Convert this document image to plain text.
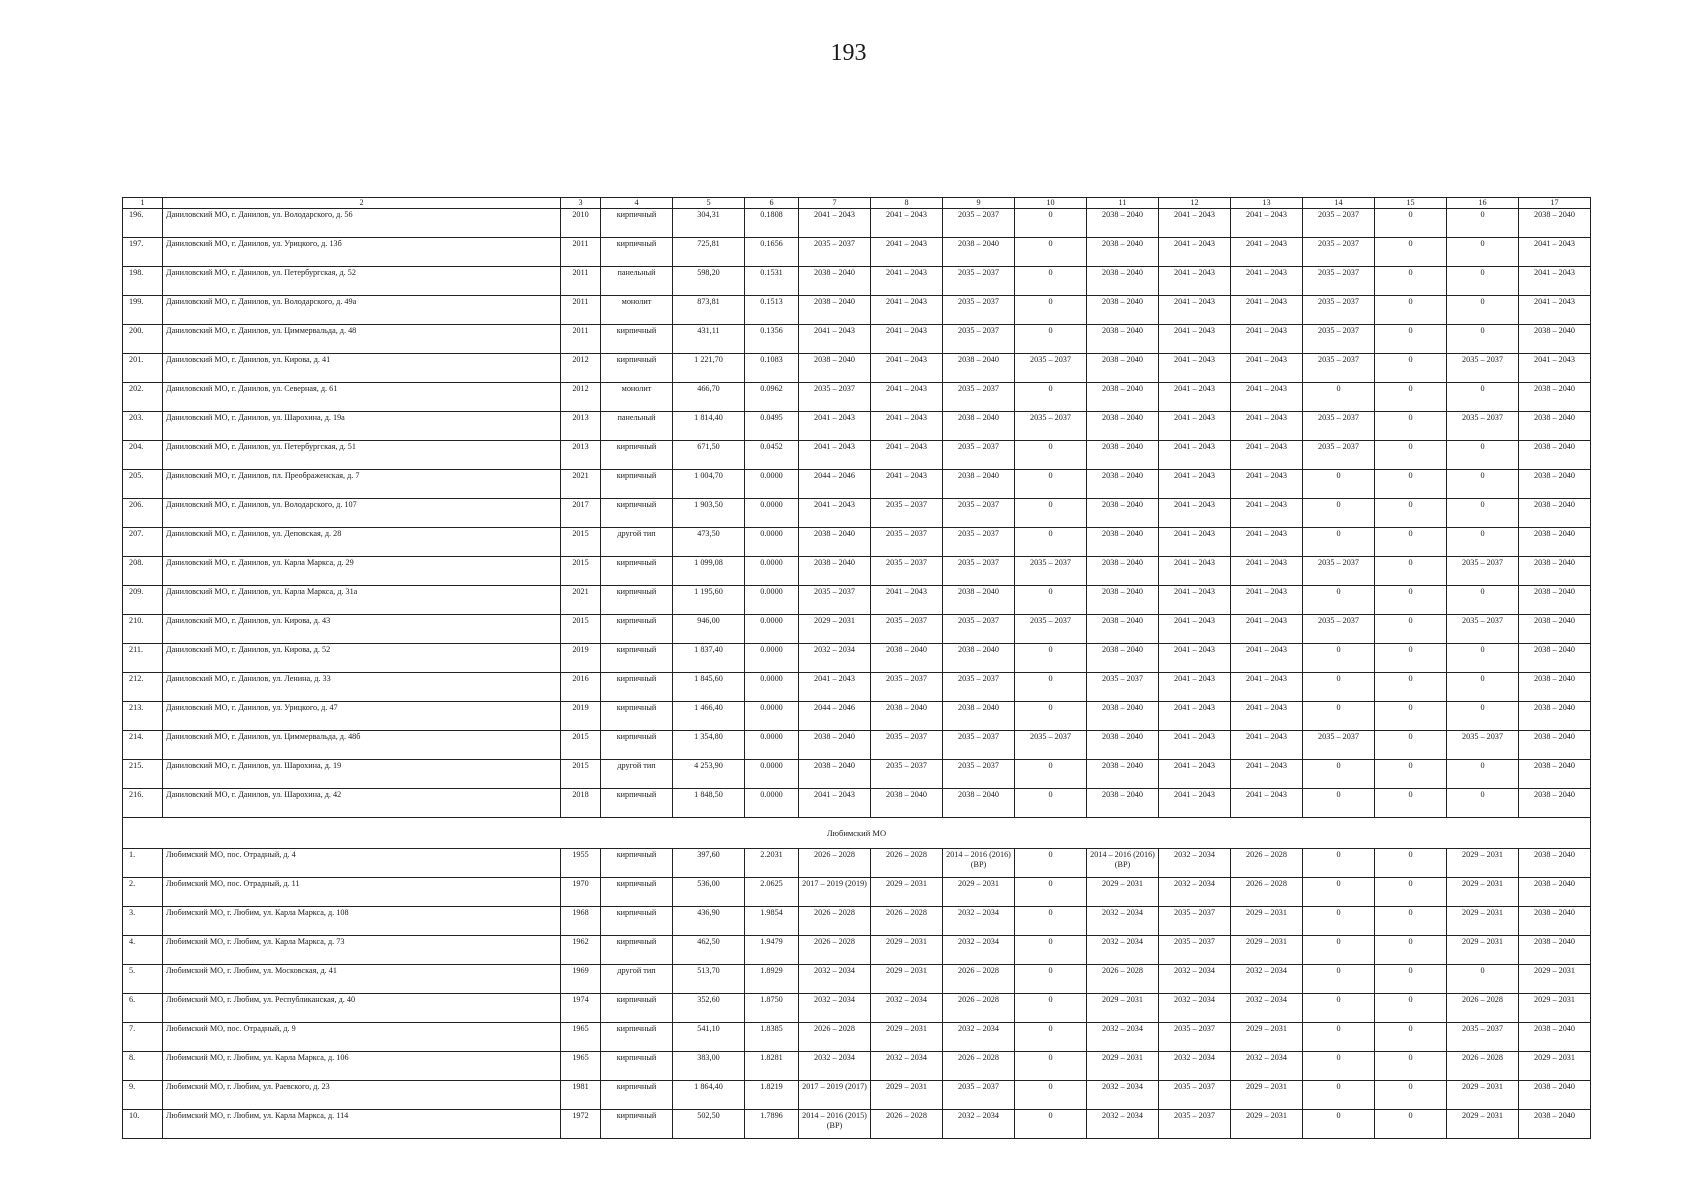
193
1	2	3	4	5	6	7	8	9	10	11	12	13	14	15	16	17
196.	Даниловский МО, г. Данилов, ул. Володарского, д. 56	2010	кирпичный	304,31	0.1808	2041 – 2043	2041 – 2043	2035 – 2037	0	2038 – 2040	2041 – 2043	2041 – 2043	2035 – 2037	0	0	2038 – 2040
197.	Даниловский МО, г. Данилов, ул. Урицкого, д. 13б	2011	кирпичный	725,81	0.1656	2035 – 2037	2041 – 2043	2038 – 2040	0	2038 – 2040	2041 – 2043	2041 – 2043	2035 – 2037	0	0	2041 – 2043
198.	Даниловский МО, г. Данилов, ул. Петербургская, д. 52	2011	панельный	598,20	0.1531	2038 – 2040	2041 – 2043	2035 – 2037	0	2038 – 2040	2041 – 2043	2041 – 2043	2035 – 2037	0	0	2041 – 2043
199.	Даниловский МО, г. Данилов, ул. Володарского, д. 49а	2011	монолит	873,81	0.1513	2038 – 2040	2041 – 2043	2035 – 2037	0	2038 – 2040	2041 – 2043	2041 – 2043	2035 – 2037	0	0	2041 – 2043
200.	Даниловский МО, г. Данилов, ул. Циммервальда, д. 48	2011	кирпичный	431,11	0.1356	2041 – 2043	2041 – 2043	2035 – 2037	0	2038 – 2040	2041 – 2043	2041 – 2043	2035 – 2037	0	0	2038 – 2040
201.	Даниловский МО, г. Данилов, ул. Кирова, д. 41	2012	кирпичный	1 221,70	0.1083	2038 – 2040	2041 – 2043	2038 – 2040	2035 – 2037	2038 – 2040	2041 – 2043	2041 – 2043	2035 – 2037	0	2035 – 2037	2041 – 2043
202.	Даниловский МО, г. Данилов, ул. Северная, д. 61	2012	монолит	466,70	0.0962	2035 – 2037	2041 – 2043	2035 – 2037	0	2038 – 2040	2041 – 2043	2041 – 2043	0	0	0	2038 – 2040
203.	Даниловский МО, г. Данилов, ул. Шарохина, д. 19а	2013	панельный	1 814,40	0.0495	2041 – 2043	2041 – 2043	2038 – 2040	2035 – 2037	2038 – 2040	2041 – 2043	2041 – 2043	2035 – 2037	0	2035 – 2037	2038 – 2040
204.	Даниловский МО, г. Данилов, ул. Петербургская, д. 51	2013	кирпичный	671,50	0.0452	2041 – 2043	2041 – 2043	2035 – 2037	0	2038 – 2040	2041 – 2043	2041 – 2043	2035 – 2037	0	0	2038 – 2040
205.	Даниловский МО, г. Данилов, пл. Преображенская, д. 7	2021	кирпичный	1 004,70	0.0000	2044 – 2046	2041 – 2043	2038 – 2040	0	2038 – 2040	2041 – 2043	2041 – 2043	0	0	0	2038 – 2040
206.	Даниловский МО, г. Данилов, ул. Володарского, д. 107	2017	кирпичный	1 903,50	0.0000	2041 – 2043	2035 – 2037	2035 – 2037	0	2038 – 2040	2041 – 2043	2041 – 2043	0	0	0	2038 – 2040
207.	Даниловский МО, г. Данилов, ул. Деповская, д. 28	2015	другой тип	473,50	0.0000	2038 – 2040	2035 – 2037	2035 – 2037	0	2038 – 2040	2041 – 2043	2041 – 2043	0	0	0	2038 – 2040
208.	Даниловский МО, г. Данилов, ул. Карла Маркса, д. 29	2015	кирпичный	1 099,08	0.0000	2038 – 2040	2035 – 2037	2035 – 2037	2035 – 2037	2038 – 2040	2041 – 2043	2041 – 2043	2035 – 2037	0	2035 – 2037	2038 – 2040
209.	Даниловский МО, г. Данилов, ул. Карла Маркса, д. 31а	2021	кирпичный	1 195,60	0.0000	2035 – 2037	2041 – 2043	2038 – 2040	0	2038 – 2040	2041 – 2043	2041 – 2043	0	0	0	2038 – 2040
210.	Даниловский МО, г. Данилов, ул. Кирова, д. 43	2015	кирпичный	946,00	0.0000	2029 – 2031	2035 – 2037	2035 – 2037	2035 – 2037	2038 – 2040	2041 – 2043	2041 – 2043	2035 – 2037	0	2035 – 2037	2038 – 2040
211.	Даниловский МО, г. Данилов, ул. Кирова, д. 52	2019	кирпичный	1 837,40	0.0000	2032 – 2034	2038 – 2040	2038 – 2040	0	2038 – 2040	2041 – 2043	2041 – 2043	0	0	0	2038 – 2040
212.	Даниловский МО, г. Данилов, ул. Ленина, д. 33	2016	кирпичный	1 845,60	0.0000	2041 – 2043	2035 – 2037	2035 – 2037	0	2035 – 2037	2041 – 2043	2041 – 2043	0	0	0	2038 – 2040
213.	Даниловский МО, г. Данилов, ул. Урицкого, д. 47	2019	кирпичный	1 466,40	0.0000	2044 – 2046	2038 – 2040	2038 – 2040	0	2038 – 2040	2041 – 2043	2041 – 2043	0	0	0	2038 – 2040
214.	Даниловский МО, г. Данилов, ул. Циммервальда, д. 48б	2015	кирпичный	1 354,80	0.0000	2038 – 2040	2035 – 2037	2035 – 2037	2035 – 2037	2038 – 2040	2041 – 2043	2041 – 2043	2035 – 2037	0	2035 – 2037	2038 – 2040
215.	Даниловский МО, г. Данилов, ул. Шарохина, д. 19	2015	другой тип	4 253,90	0.0000	2038 – 2040	2035 – 2037	2035 – 2037	0	2038 – 2040	2041 – 2043	2041 – 2043	0	0	0	2038 – 2040
216.	Даниловский МО, г. Данилов, ул. Шарохина, д. 42	2018	кирпичный	1 848,50	0.0000	2041 – 2043	2038 – 2040	2038 – 2040	0	2038 – 2040	2041 – 2043	2041 – 2043	0	0	0	2038 – 2040
Любимский МО																
1.	Любимский МО, пос. Отрадный, д. 4	1955	кирпичный	397,60	2.2031	2026 – 2028	2026 – 2028	2014 – 2016 (2016) (ВР)	0	2014 – 2016 (2016) (ВР)	2032 – 2034	2026 – 2028	0	0	2029 – 2031	2038 – 2040
2.	Любимский МО, пос. Отрадный, д. 11	1970	кирпичный	536,00	2.0625	2017 – 2019 (2019)	2029 – 2031	2029 – 2031	0	2029 – 2031	2032 – 2034	2026 – 2028	0	0	2029 – 2031	2038 – 2040
3.	Любимский МО, г. Любим, ул. Карла Маркса, д. 108	1968	кирпичный	436,90	1.9854	2026 – 2028	2026 – 2028	2032 – 2034	0	2032 – 2034	2035 – 2037	2029 – 2031	0	0	2029 – 2031	2038 – 2040
4.	Любимский МО, г. Любим, ул. Карла Маркса, д. 73	1962	кирпичный	462,50	1.9479	2026 – 2028	2029 – 2031	2032 – 2034	0	2032 – 2034	2035 – 2037	2029 – 2031	0	0	2029 – 2031	2038 – 2040
5.	Любимский МО, г. Любим, ул. Московская, д. 41	1969	другой тип	513,70	1.8929	2032 – 2034	2029 – 2031	2026 – 2028	0	2026 – 2028	2032 – 2034	2032 – 2034	0	0	0	2029 – 2031
6.	Любимский МО, г. Любим, ул. Республиканская, д. 40	1974	кирпичный	352,60	1.8750	2032 – 2034	2032 – 2034	2026 – 2028	0	2029 – 2031	2032 – 2034	2032 – 2034	0	0	2026 – 2028	2029 – 2031
7.	Любимский МО, пос. Отрадный, д. 9	1965	кирпичный	541,10	1.8385	2026 – 2028	2029 – 2031	2032 – 2034	0	2032 – 2034	2035 – 2037	2029 – 2031	0	0	2035 – 2037	2038 – 2040
8.	Любимский МО, г. Любим, ул. Карла Маркса, д. 106	1965	кирпичный	383,00	1.8281	2032 – 2034	2032 – 2034	2026 – 2028	0	2029 – 2031	2032 – 2034	2032 – 2034	0	0	2026 – 2028	2029 – 2031
9.	Любимский МО, г. Любим, ул. Раевского, д. 23	1981	кирпичный	1 864,40	1.8219	2017 – 2019 (2017)	2029 – 2031	2035 – 2037	0	2032 – 2034	2035 – 2037	2029 – 2031	0	0	2029 – 2031	2038 – 2040
10.	Любимский МО, г. Любим, ул. Карла Маркса, д. 114	1972	кирпичный	502,50	1.7896	2014 – 2016 (2015) (ВР)	2026 – 2028	2032 – 2034	0	2032 – 2034	2035 – 2037	2029 – 2031	0	0	2029 – 2031	2038 – 2040
